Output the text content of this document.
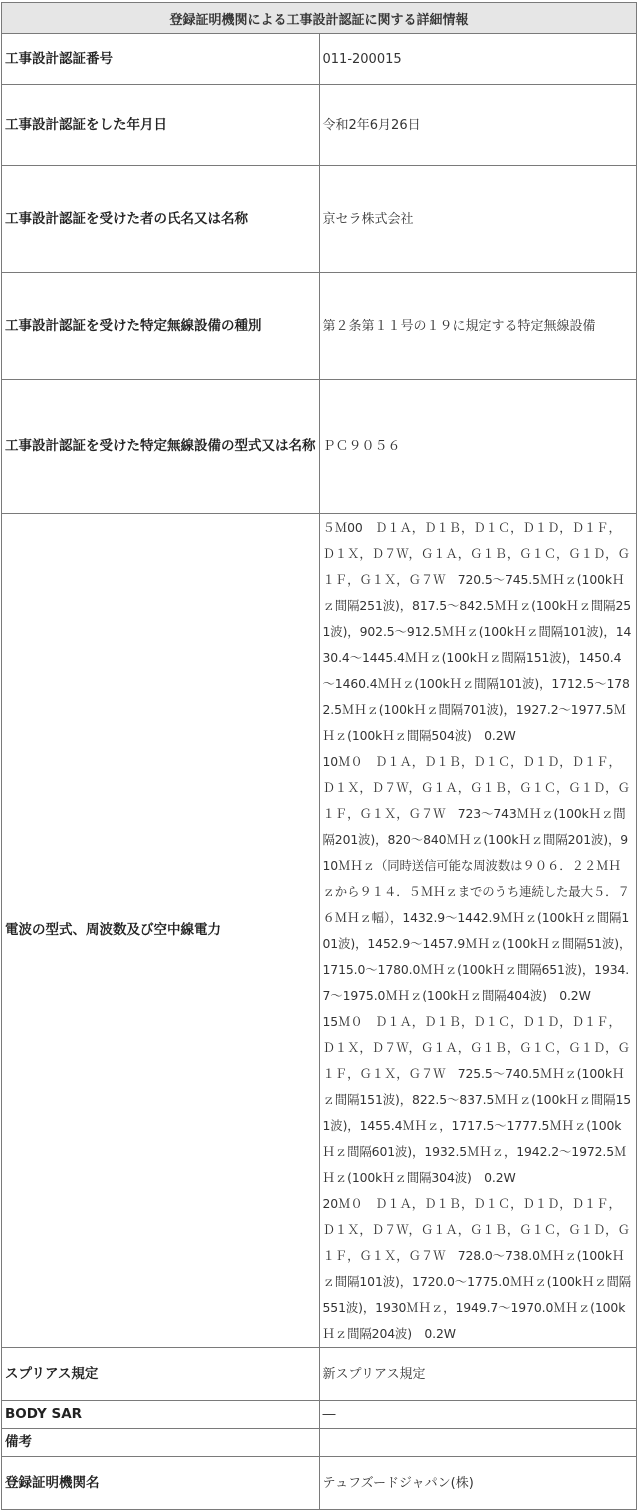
登録証明機関による工事設計認証に関する詳細情報	
工事設計認証番号	011-200015
工事設計認証をした年月日	令和2年6月26日
工事設計認証を受けた者の氏名又は名称	京セラ株式会社
工事設計認証を受けた特定無線設備の種別	第２条第１１号の１９に規定する特定無線設備
工事設計認証を受けた特定無線設備の型式又は名称	ＰＣ９０５６
電波の型式、周波数及び空中線電力	５Ｍ00　Ｄ１Ａ，Ｄ１Ｂ，Ｄ１Ｃ，Ｄ１Ｄ，Ｄ１Ｆ，Ｄ１Ｘ，Ｄ７Ｗ，Ｇ１Ａ，Ｇ１Ｂ，Ｇ１Ｃ，Ｇ１Ｄ，Ｇ１Ｆ，Ｇ１Ｘ，Ｇ７Ｗ　720.5～745.5ＭＨｚ(100kＨｚ間隔251波)，817.5～842.5ＭＨｚ(100kＨｚ間隔251波)，902.5～912.5ＭＨｚ(100kＨｚ間隔101波)，1430.4～1445.4ＭＨｚ(100kＨｚ間隔151波)，1450.4～1460.4ＭＨｚ(100kＨｚ間隔101波)，1712.5～1782.5ＭＨｚ(100kＨｚ間隔701波)，1927.2～1977.5ＭＨｚ(100kＨｚ間隔504波)　0.2W
10Ｍ０　Ｄ１Ａ，Ｄ１Ｂ，Ｄ１Ｃ，Ｄ１Ｄ，Ｄ１Ｆ，Ｄ１Ｘ，Ｄ７Ｗ，Ｇ１Ａ，Ｇ１Ｂ，Ｇ１Ｃ，Ｇ１Ｄ，Ｇ１Ｆ，Ｇ１Ｘ，Ｇ７Ｗ　723～743ＭＨｚ(100kＨｚ間隔201波)，820～840ＭＨｚ(100kＨｚ間隔201波)，910ＭＨｚ（同時送信可能な周波数は９０６．２２ＭＨｚから９１４．５ＭＨｚまでのうち連続した最大５．７６ＭＨｚ幅），1432.9～1442.9ＭＨｚ(100kＨｚ間隔101波)，1452.9～1457.9ＭＨｚ(100kＨｚ間隔51波)，1715.0～1780.0ＭＨｚ(100kＨｚ間隔651波)，1934.7～1975.0ＭＨｚ(100kＨｚ間隔404波)　0.2W
15Ｍ０　Ｄ１Ａ，Ｄ１Ｂ，Ｄ１Ｃ，Ｄ１Ｄ，Ｄ１Ｆ，Ｄ１Ｘ，Ｄ７Ｗ，Ｇ１Ａ，Ｇ１Ｂ，Ｇ１Ｃ，Ｇ１Ｄ，Ｇ１Ｆ，Ｇ１Ｘ，Ｇ７Ｗ　725.5～740.5ＭＨｚ(100kＨｚ間隔151波)，822.5～837.5ＭＨｚ(100kＨｚ間隔151波)，1455.4ＭＨｚ，1717.5～1777.5ＭＨｚ(100kＨｚ間隔601波)，1932.5ＭＨｚ，1942.2～1972.5ＭＨｚ(100kＨｚ間隔304波)　0.2W
20Ｍ０　Ｄ１Ａ，Ｄ１Ｂ，Ｄ１Ｃ，Ｄ１Ｄ，Ｄ１Ｆ，Ｄ１Ｘ，Ｄ７Ｗ，Ｇ１Ａ，Ｇ１Ｂ，Ｇ１Ｃ，Ｇ１Ｄ，Ｇ１Ｆ，Ｇ１Ｘ，Ｇ７Ｗ　728.0～738.0ＭＨｚ(100kＨｚ間隔101波)，1720.0～1775.0ＭＨｚ(100kＨｚ間隔551波)，1930ＭＨｚ，1949.7～1970.0ＭＨｚ(100kＨｚ間隔204波)　0.2W

スプリアス規定	新スプリアス規定
BODY SAR	―
備考	
登録証明機関名	テュフズードジャパン(株)
